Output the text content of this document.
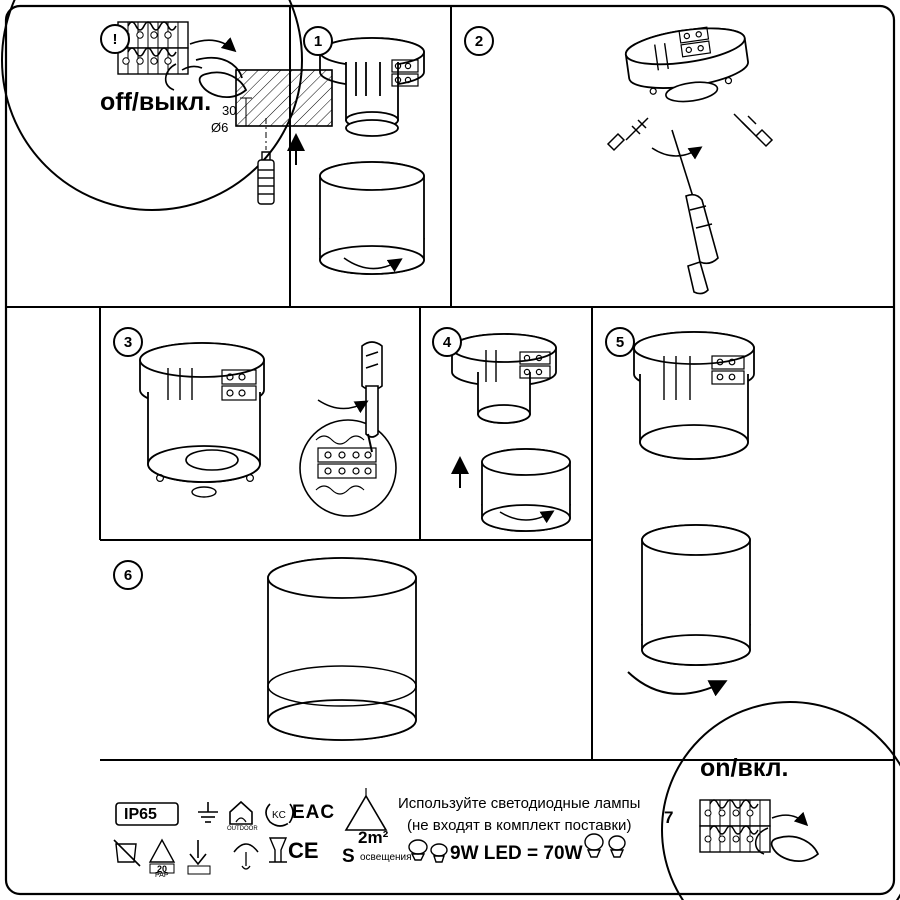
KC
!
off/выкл.
1	2
30
Ø6
3	4	5
6
on/вкл.
7
IP65
OUTDOOR
EAC
CE
20
PAP
2m²
S освещения
Используйте светодиодные лампы
(не входят в комплект поставки)
9W LED = 70W
